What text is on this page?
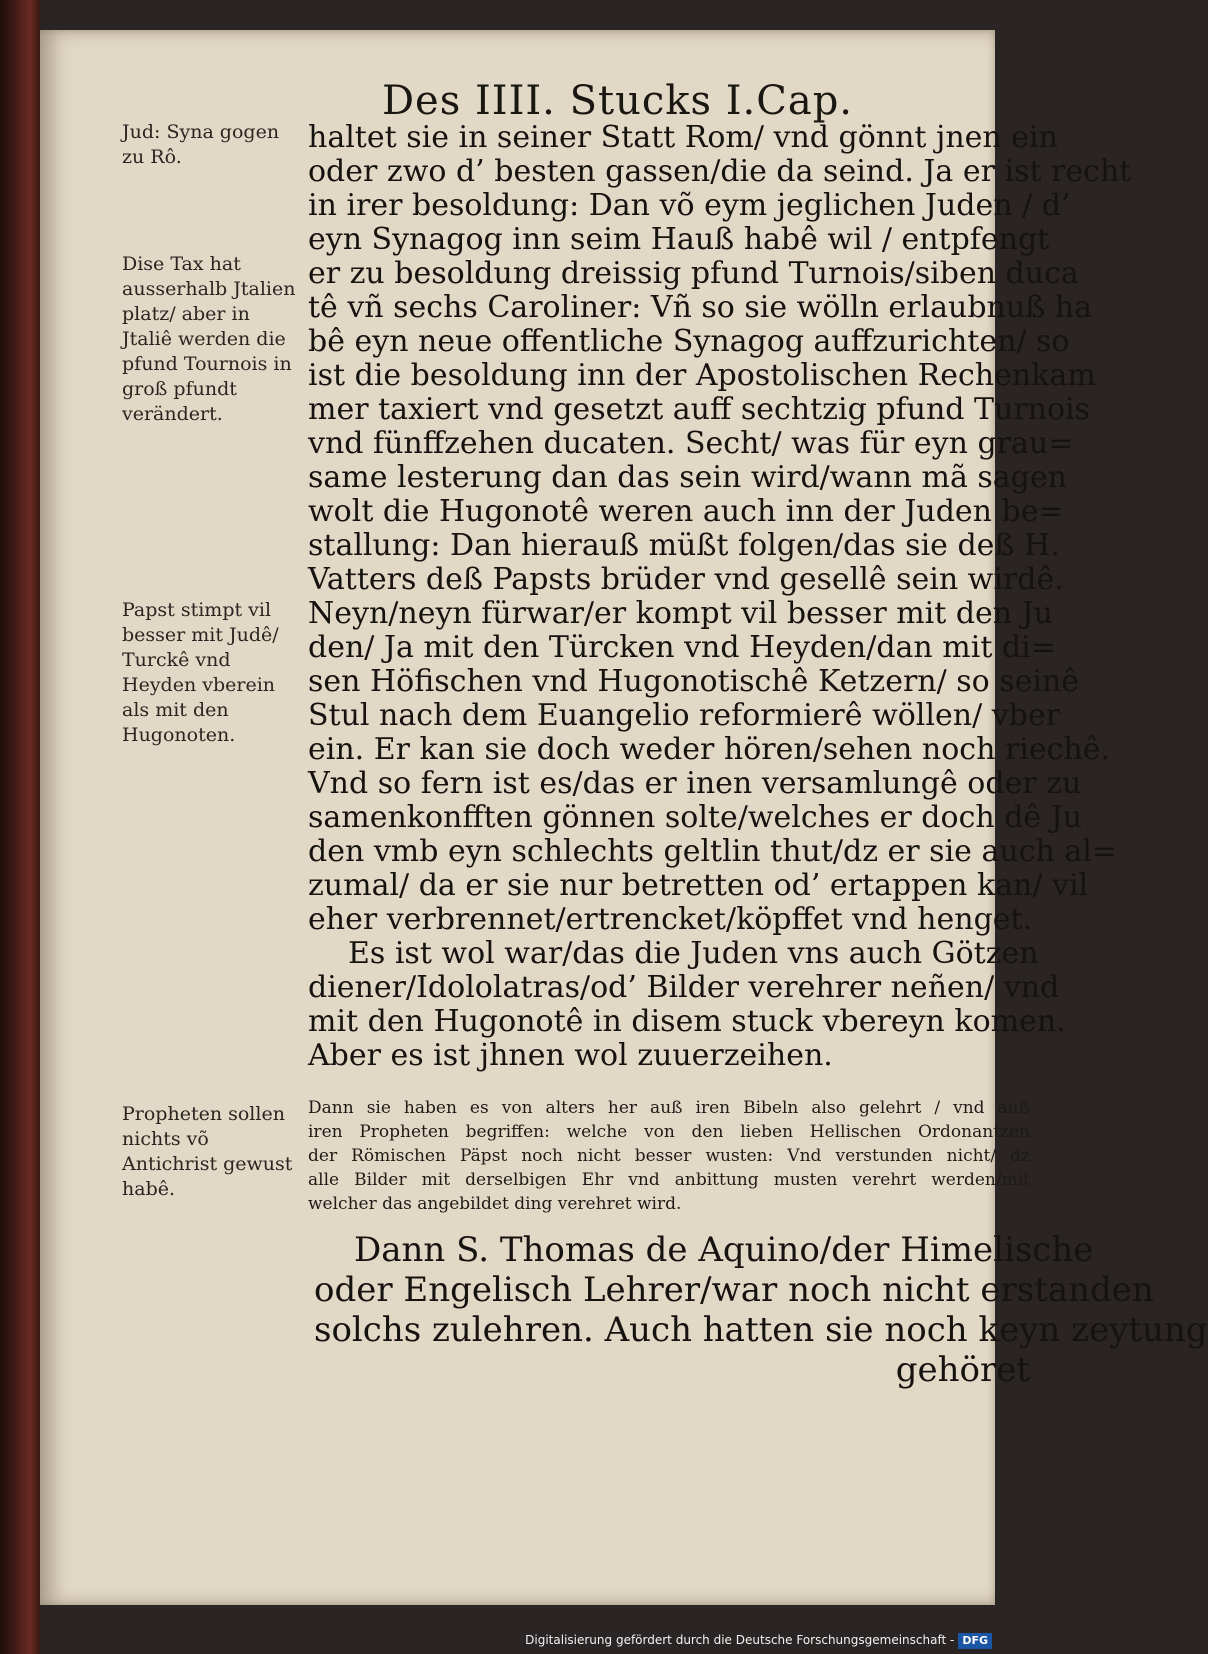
Des IIII. Stucks I.Cap.

Jud: Syna gogen zu Rô.

Dise Tax hat ausserhalb Jtalien platz/ aber in Jtaliê werden die pfund Tournois in groß pfundt verändert.

Papst stimpt vil besser mit Judê/ Turckê vnd Heyden vberein als mit den Hugonoten.

Propheten sollen nichts võ Antichrist gewust habê.

haltet sie in seiner Statt Rom/ vnd gönnt jnen ein

oder zwo d’ besten gassen/die da seind. Ja er ist recht

in irer besoldung: Dan võ eym jeglichen Juden / d’

eyn Synagog inn seim Hauß habê wil / entpfengt

er zu besoldung dreissig pfund Turnois/siben duca

tê vñ sechs Caroliner: Vñ so sie wölln erlaubnuß ha

bê eyn neue offentliche Synagog auffzurichten/ so

ist die besoldung inn der Apostolischen Rechenkam

mer taxiert vnd gesetzt auff sechtzig pfund Turnois

vnd fünffzehen ducaten. Secht/ was für eyn grau=

same lesterung dan das sein wird/wann mã sagen

wolt die Hugonotê weren auch inn der Juden be=

stallung: Dan hierauß müßt folgen/das sie deß H.

Vatters deß Papsts brüder vnd gesellê sein wirdê.

Neyn/neyn fürwar/er kompt vil besser mit den Ju

den/ Ja mit den Türcken vnd Heyden/dan mit di=

sen Höfischen vnd Hugonotischê Ketzern/ so seinê

Stul nach dem Euangelio reformierê wöllen/ vber

ein. Er kan sie doch weder hören/sehen noch riechê.

Vnd so fern ist es/das er inen versamlungê oder zu

samenkonfften gönnen solte/welches er doch dê Ju

den vmb eyn schlechts geltlin thut/dz er sie auch al=

zumal/ da er sie nur betretten od’ ertappen kan/ vil

eher verbrennet/ertrencket/köpffet vnd henget.

Es ist wol war/das die Juden vns auch Götzen

diener/Idololatras/od’ Bilder verehrer neñen/ vnd

mit den Hugonotê in disem stuck vbereyn komen.

Aber es ist jhnen wol zuuerzeihen.

Dann sie haben es von alters her auß iren Bibeln also gelehrt / vnd auß

iren Propheten begriffen: welche von den lieben Hellischen Ordonantzen

der Römischen Päpst noch nicht besser wusten: Vnd verstunden nicht/ dz

alle Bilder mit derselbigen Ehr vnd anbittung musten verehrt werden/mit

welcher das angebildet ding verehret wird.

Dann S. Thomas de Aquino/der Himelische

oder Engelisch Lehrer/war noch nicht erstanden

solchs zulehren. Auch hatten sie noch keyn zeytung

gehöret

Digitalisierung gefördert durch die Deutsche Forschungsgemeinschaft - DFG
